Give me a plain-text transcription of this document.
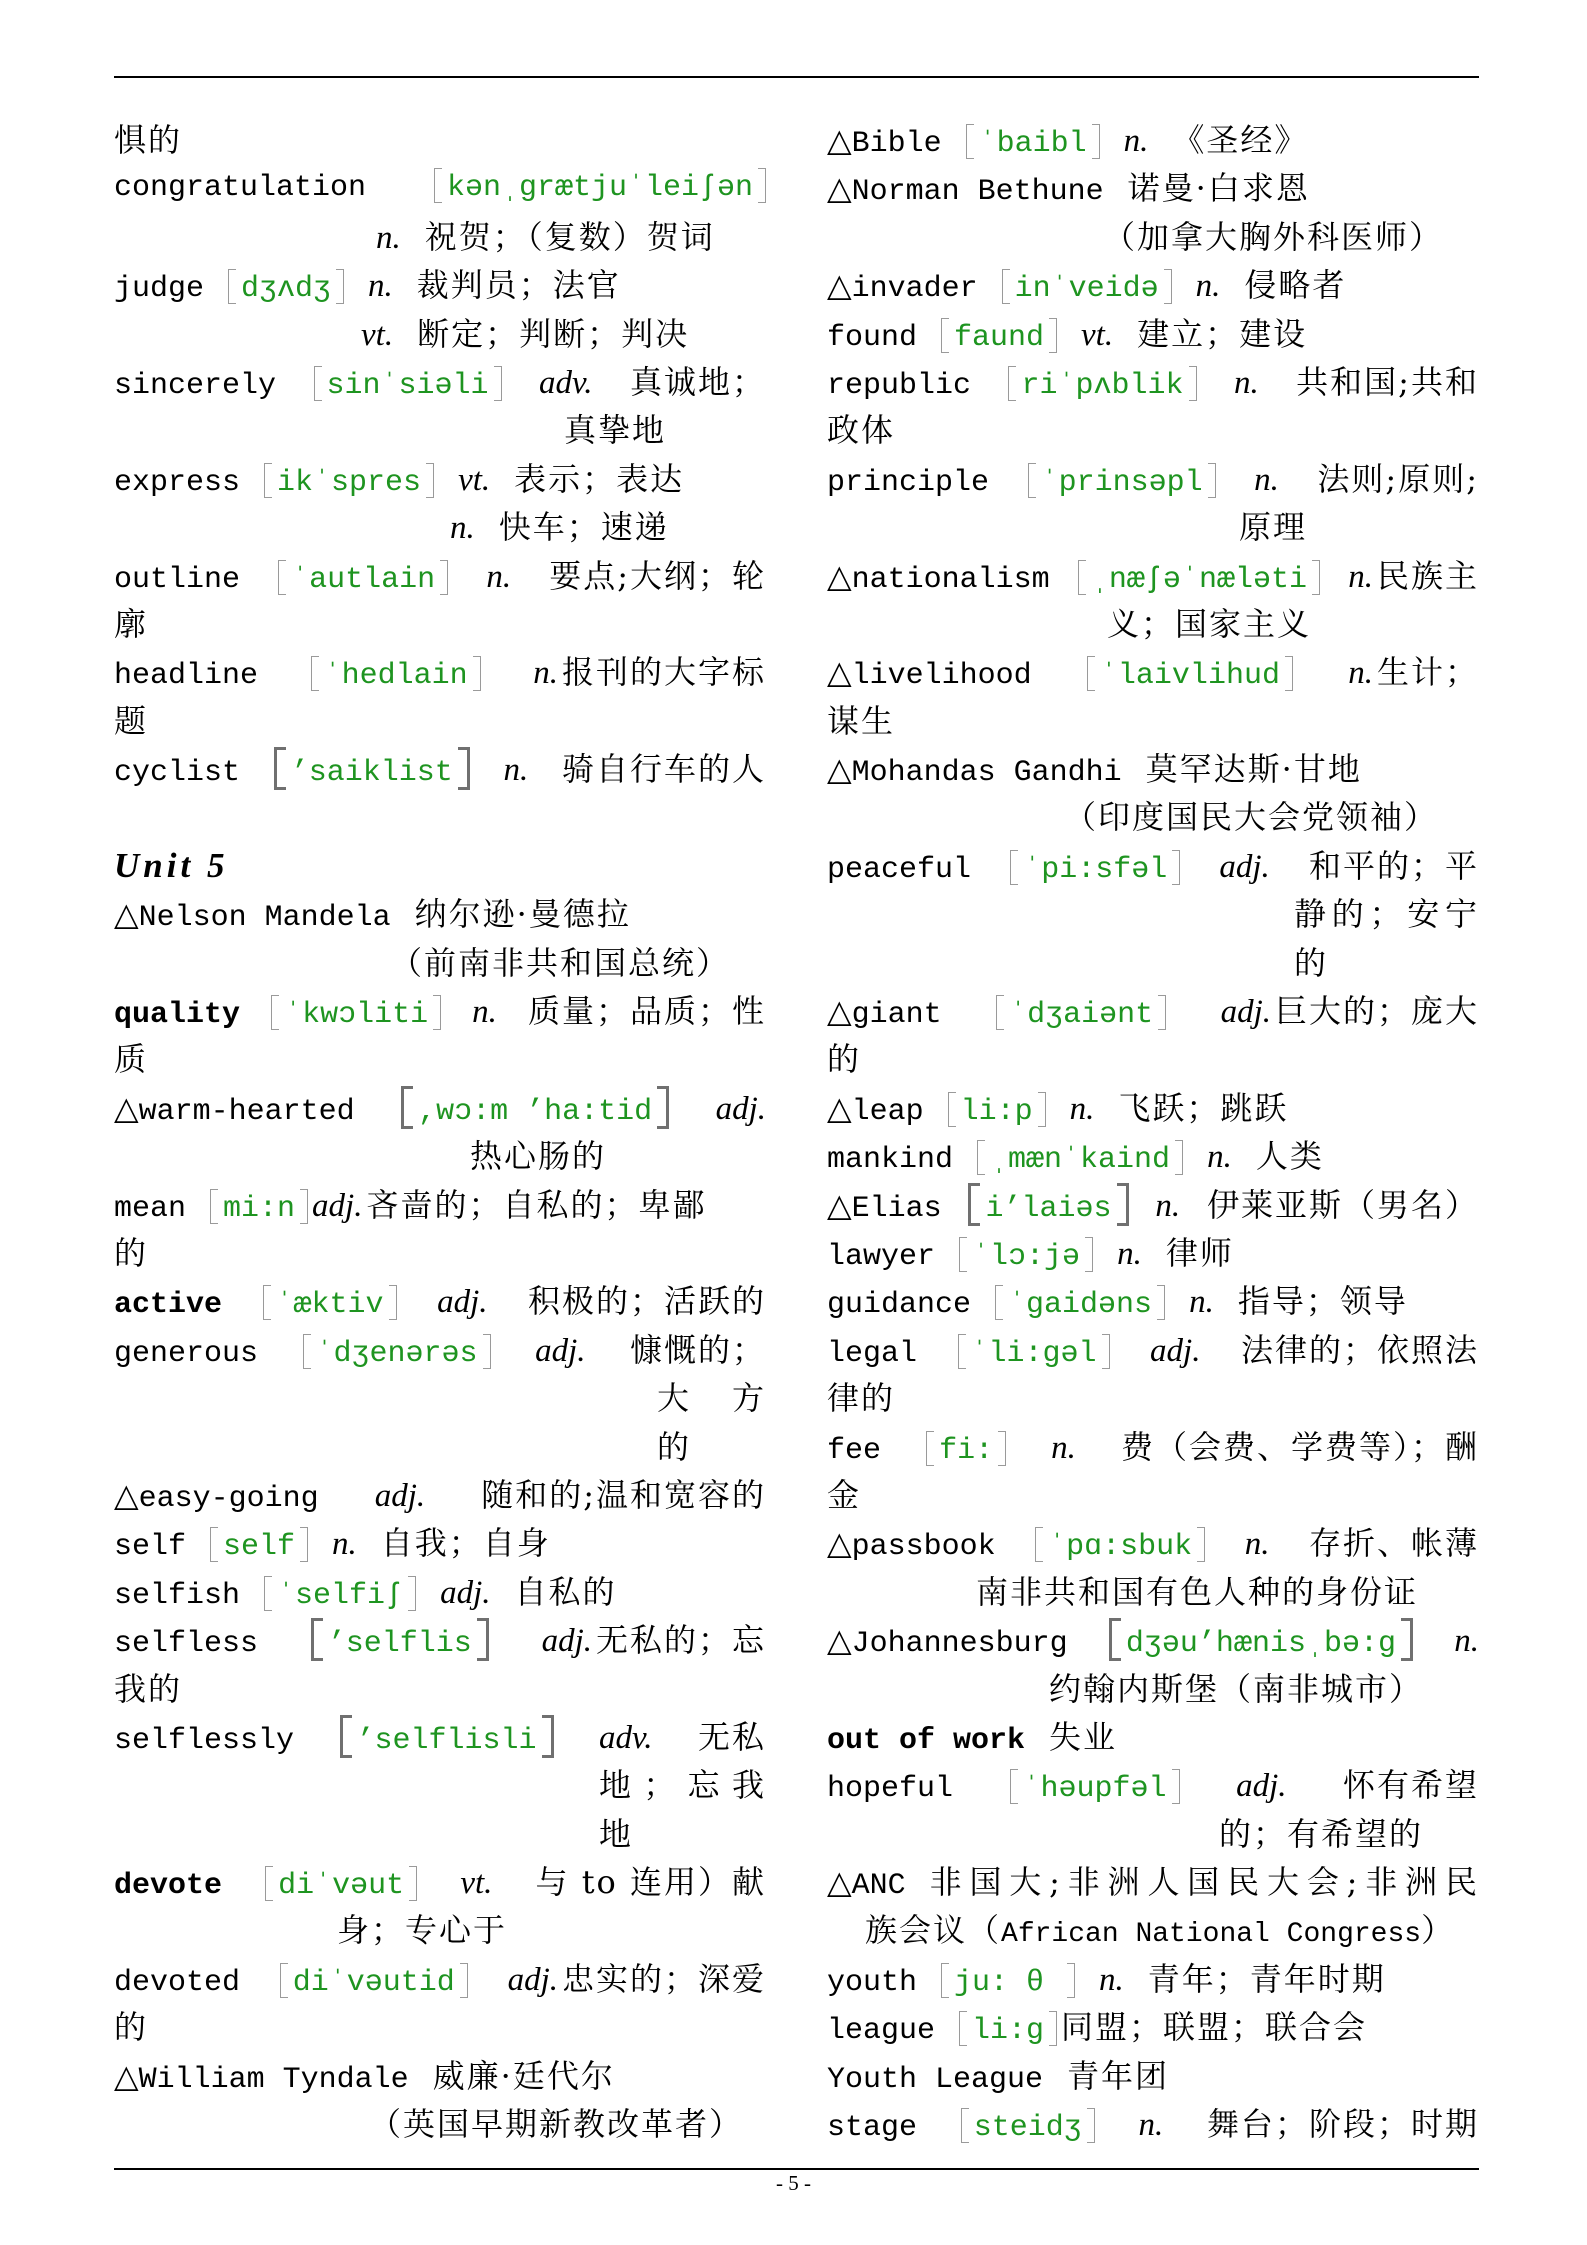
惧的
congratulation	kənˌgrætjuˈleiʃən
n. 祝贺；（复数）贺词
judge	dʒʌdʒ	n. 裁判员；法官
vt. 断定；判断；判决
sincerely	sinˈsiəli	adv. 真诚地；
真挚地
express	ikˈspres	vt. 表示；表达
n. 快车；速递
outline	ˈautlain	n. 要点;大纲；轮
廓
headline	ˈhedlain	n. 报刊的大字标
题
cyclist	’saiklist	n. 骑自行车的人
Unit 5
△Nelson Mandela 纳尔逊·曼德拉
（前南非共和国总统）
quality	ˈkwɔliti	n. 质量；品质；性
质
△warm-hearted	,wɔ:m ’ha:tid	adj.
热心肠的
mean	mi:n adj. 吝啬的；自私的；卑鄙
的
active	ˈæktiv	adj. 积极的；活跃的
generous	ˈdʒenərəs	adj. 慷慨的；
大 方
的
△easy-going adj. 随和的;温和宽容的
self	self	n. 自我；自身
selfish	ˈselfiʃ	adj. 自私的
selfless	’selflis	adj. 无私的；忘
我的
selflessly	’selflisli	adv. 无私
地；忘我
地
devote	diˈvəut	vt. 与 to 连用）献
身；专心于
devoted	diˈvəutid	adj. 忠实的；深爱
的
△William Tyndale 威廉·廷代尔
（英国早期新教改革者）
△Bible	ˈbaibl	n. 《圣经》
△Norman Bethune 诺曼·白求恩
（加拿大胸外科医师）
△invader	inˈveidə	n. 侵略者
found	faund	vt. 建立；建设
republic	riˈpʌblik	n. 共和国;共和
政体
principle	ˈprinsəpl	n. 法则;原则;
原理
△nationalism	ˌnæʃəˈnæləti	n. 民族主
义；国家主义
△livelihood	ˈlaivlihud	n. 生计；
谋生
△Mohandas Gandhi 莫罕达斯·甘地
（印度国民大会党领袖）
peaceful	ˈpi:sfəl	adj. 和平的；平
静的；安宁
的
△giant	ˈdʒaiənt	adj. 巨大的；庞大
的
△leap	li:p	n. 飞跃；跳跃
mankind	ˌmænˈkaind	n. 人类
△Elias	i’laiəs	n. 伊莱亚斯（男名）
lawyer	ˈlɔ:jə	n. 律师
guidance	ˈgaidəns	n. 指导；领导
legal	ˈli:gəl	adj. 法律的；依照法
律的
fee	fi:	n. 费（会费、学费等）；酬
金
△passbook	ˈpɑ:sbuk	n. 存折、帐薄
南非共和国有色人种的身份证
△Johannesburg	dʒəu’hænisˌbə:g	n.
约翰内斯堡（南非城市）
out of work 失业
hopeful	ˈhəupfəl	adj. 怀有希望
的；有希望的
△ANC 非国大;非洲人国民大会;非洲民
族会议（African National Congress）
youth	ju: θ	n. 青年；青年时期
league	li:g 同盟；联盟；联合会
Youth League 青年团
stage	steidʒ	n. 舞台；阶段；时期
- 5 -
